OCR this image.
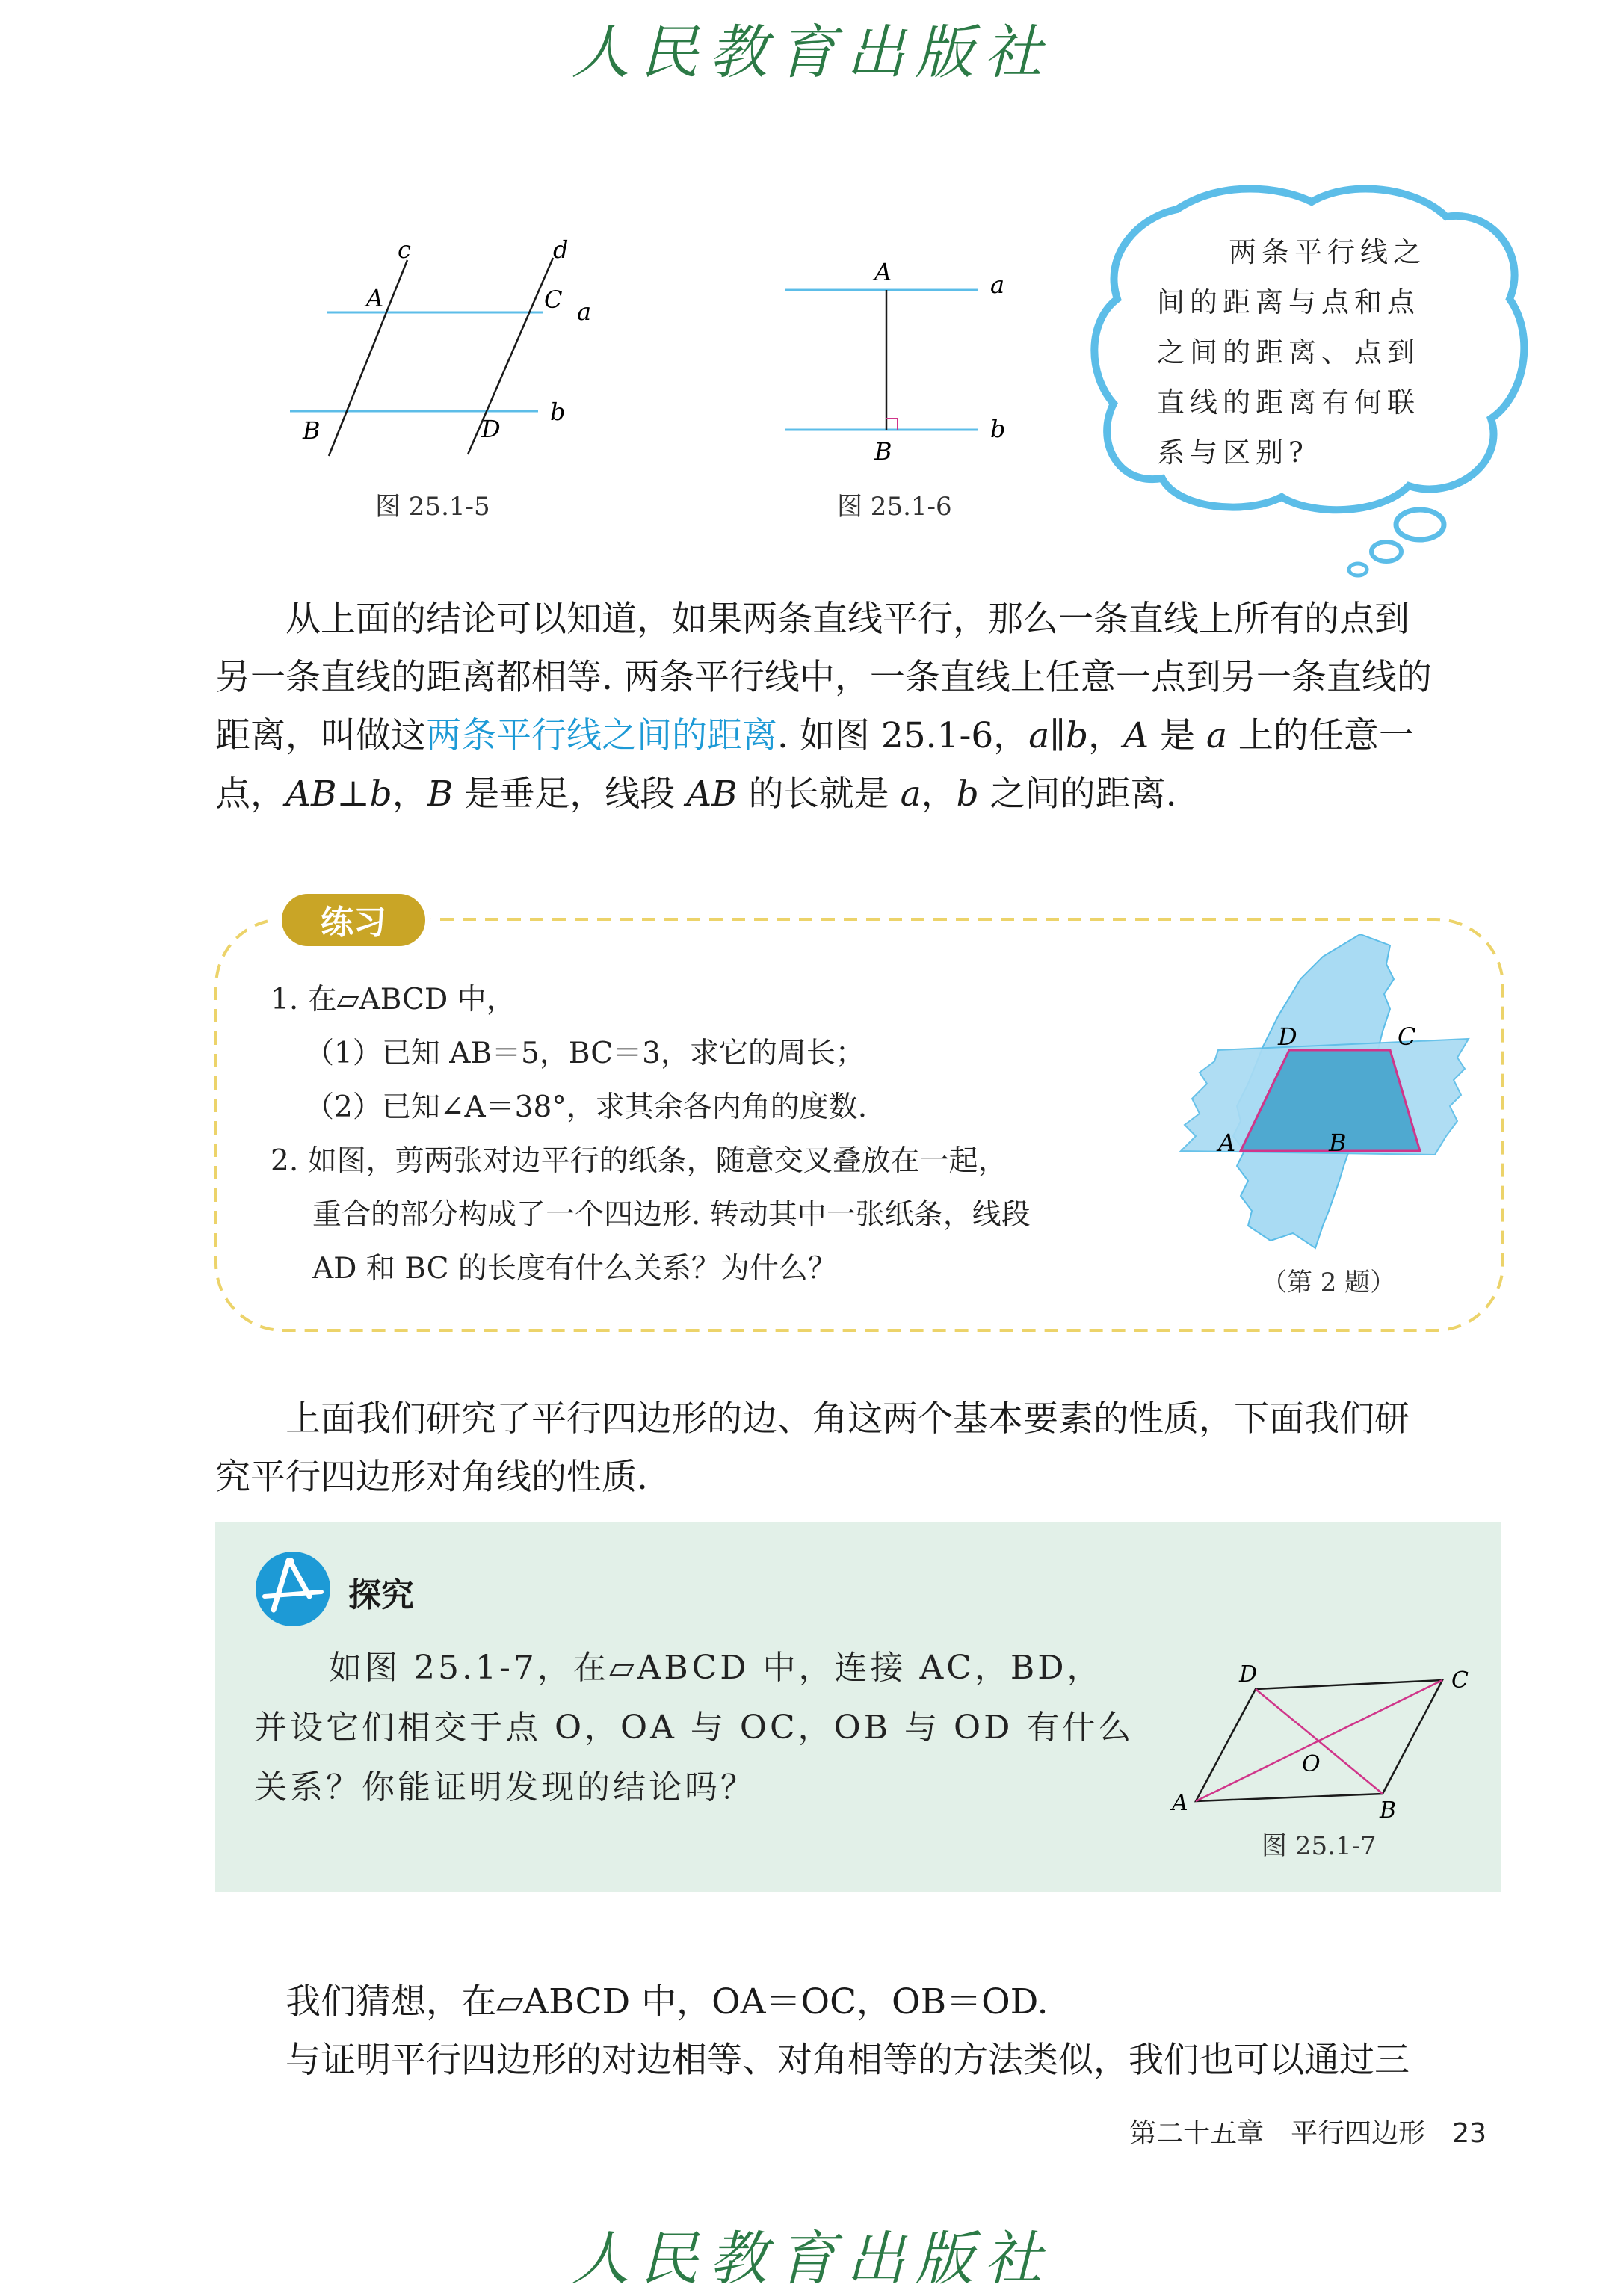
人民教育出版社
c	d
A	C a
B	D
b
图 25.1-5
A	a
B
b
图 25.1-6
两条平行线之
间的距离与点和点
之间的距离、点到
直线的距离有何联
系与区别?

从上面的结论可以知道，如果两条直线平行，那么一条直线上所有的点到

另一条直线的距离都相等. 两条平行线中，一条直线上任意一点到另一条直线的

距离，叫做这两条平行线之间的距离. 如图 25.1-6，a∥b，A 是 a 上的任意一

点，AB⊥b，B 是垂足，线段 AB 的长就是 a，b 之间的距离.

练习
1. 在▱ABCD 中，
（1）已知 AB＝5，BC＝3，求它的周长；
（2）已知∠A＝38°，求其余各内角的度数.
2. 如图，剪两张对边平行的纸条，随意交叉叠放在一起，
重合的部分构成了一个四边形. 转动其中一张纸条，线段
AD 和 BC 的长度有什么关系？为什么？
D	C
A	B
（第 2 题）

上面我们研究了平行四边形的边、角这两个基本要素的性质，下面我们研

究平行四边形对角线的性质.

探究
如图 25.1-7，在▱ABCD 中，连接 AC，BD，
并设它们相交于点 O，OA 与 OC，OB 与 OD 有什么
关系？你能证明发现的结论吗？
D	C
O
A	B
图 25.1-7

我们猜想，在▱ABCD 中，OA＝OC，OB＝OD.

与证明平行四边形的对边相等、对角相等的方法类似，我们也可以通过三

第二十五章　平行四边形 23
人民教育出版社
